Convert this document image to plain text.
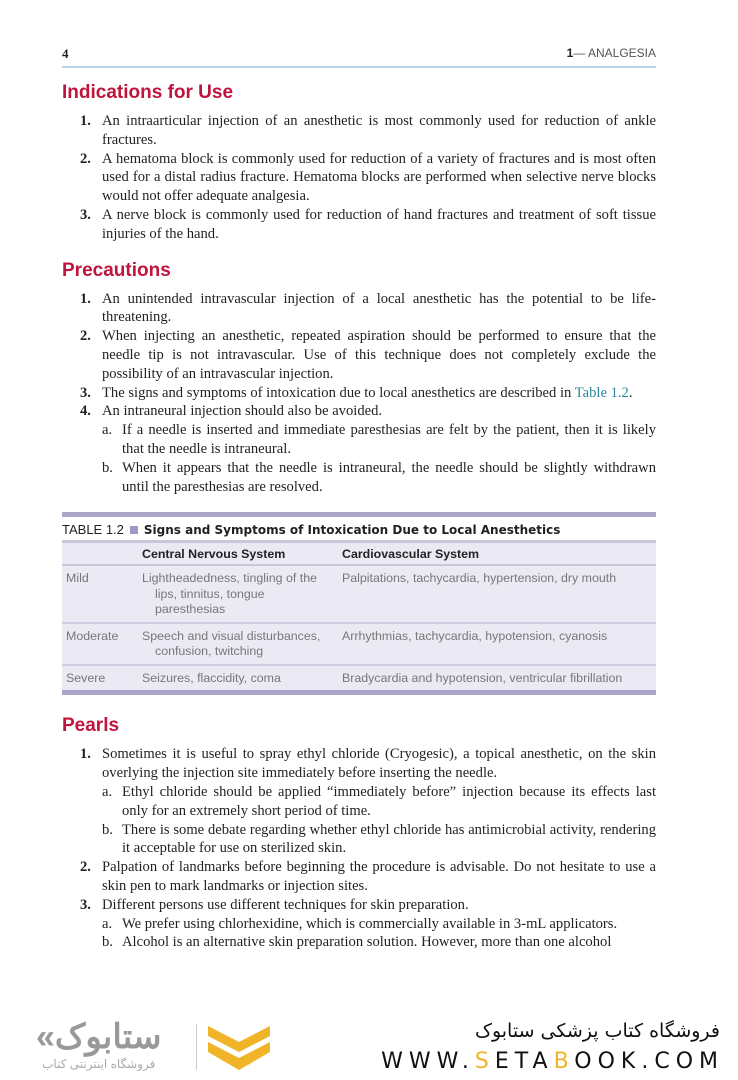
4	1— ANALGESIA
Indications for Use
1. An intraarticular injection of an anesthetic is most commonly used for reduction of ankle fractures.
2. A hematoma block is commonly used for reduction of a variety of fractures and is most often used for a distal radius fracture. Hematoma blocks are performed when selective nerve blocks would not offer adequate analgesia.
3. A nerve block is commonly used for reduction of hand fractures and treatment of soft tissue injuries of the hand.
Precautions
1. An unintended intravascular injection of a local anesthetic has the potential to be life-threatening.
2. When injecting an anesthetic, repeated aspiration should be performed to ensure that the needle tip is not intravascular. Use of this technique does not completely exclude the possibility of an intravascular injection.
3. The signs and symptoms of intoxication due to local anesthetics are described in Table 1.2.
4. An intraneural injection should also be avoided.
a. If a needle is inserted and immediate paresthesias are felt by the patient, then it is likely that the needle is intraneural.
b. When it appears that the needle is intraneural, the needle should be slightly withdrawn until the paresthesias are resolved.
TABLE 1.2 Signs and Symptoms of Intoxication Due to Local Anesthetics
	Central Nervous System	Cardiovascular System
Mild	Lightheadedness, tingling of the lips, tinnitus, tongue paresthesias	Palpitations, tachycardia, hypertension, dry mouth
Moderate	Speech and visual disturbances, confusion, twitching	Arrhythmias, tachycardia, hypotension, cyanosis
Severe	Seizures, flaccidity, coma	Bradycardia and hypotension, ventricular fibrillation
Pearls
1. Sometimes it is useful to spray ethyl chloride (Cryogesic), a topical anesthetic, on the skin overlying the injection site immediately before inserting the needle.
a. Ethyl chloride should be applied “immediately before” injection because its effects last only for an extremely short period of time.
b. There is some debate regarding whether ethyl chloride has antimicrobial activity, rendering it acceptable for use on sterilized skin.
2. Palpation of landmarks before beginning the procedure is advisable. Do not hesitate to use a skin pen to mark landmarks or injection sites.
3. Different persons use different techniques for skin preparation.
a. We prefer using chlorhexidine, which is commercially available in 3-mL applicators.
b. Alcohol is an alternative skin preparation solution. However, more than one alcohol
«ستابوک
فروشگاه اینترنتی کتاب
فروشگاه کتاب پزشکی ستابوک
WWW.SETABOOK.COM
